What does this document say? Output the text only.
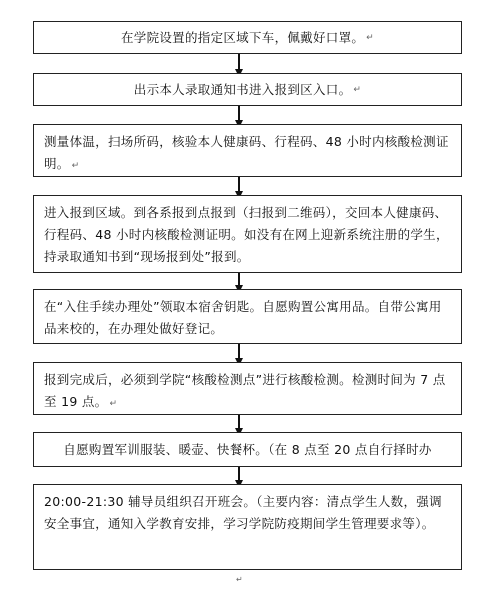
在学院设置的指定区域下车，佩戴好口罩。 ↵
出示本人录取通知书进入报到区入口。 ↵
测量体温，扫场所码，核验本人健康码、行程码、48 小时内核酸检测证明。 ↵
进入报到区域。到各系报到点报到（扫报到二维码），交回本人健康码、行程码、48 小时内核酸检测证明。如没有在网上迎新系统注册的学生，持录取通知书到“现场报到处”报到。
在“入住手续办理处”领取本宿舍钥匙。自愿购置公寓用品。自带公寓用品来校的，在办理处做好登记。
报到完成后，必须到学院“核酸检测点”进行核酸检测。检测时间为 7 点至 19 点。 ↵
自愿购置军训服装、暖壶、快餐杯。（在 8 点至 20 点自行择时办
20:00-21:30 辅导员组织召开班会。（主要内容：清点学生人数，强调安全事宜，通知入学教育安排，学习学院防疫期间学生管理要求等）。
↵
